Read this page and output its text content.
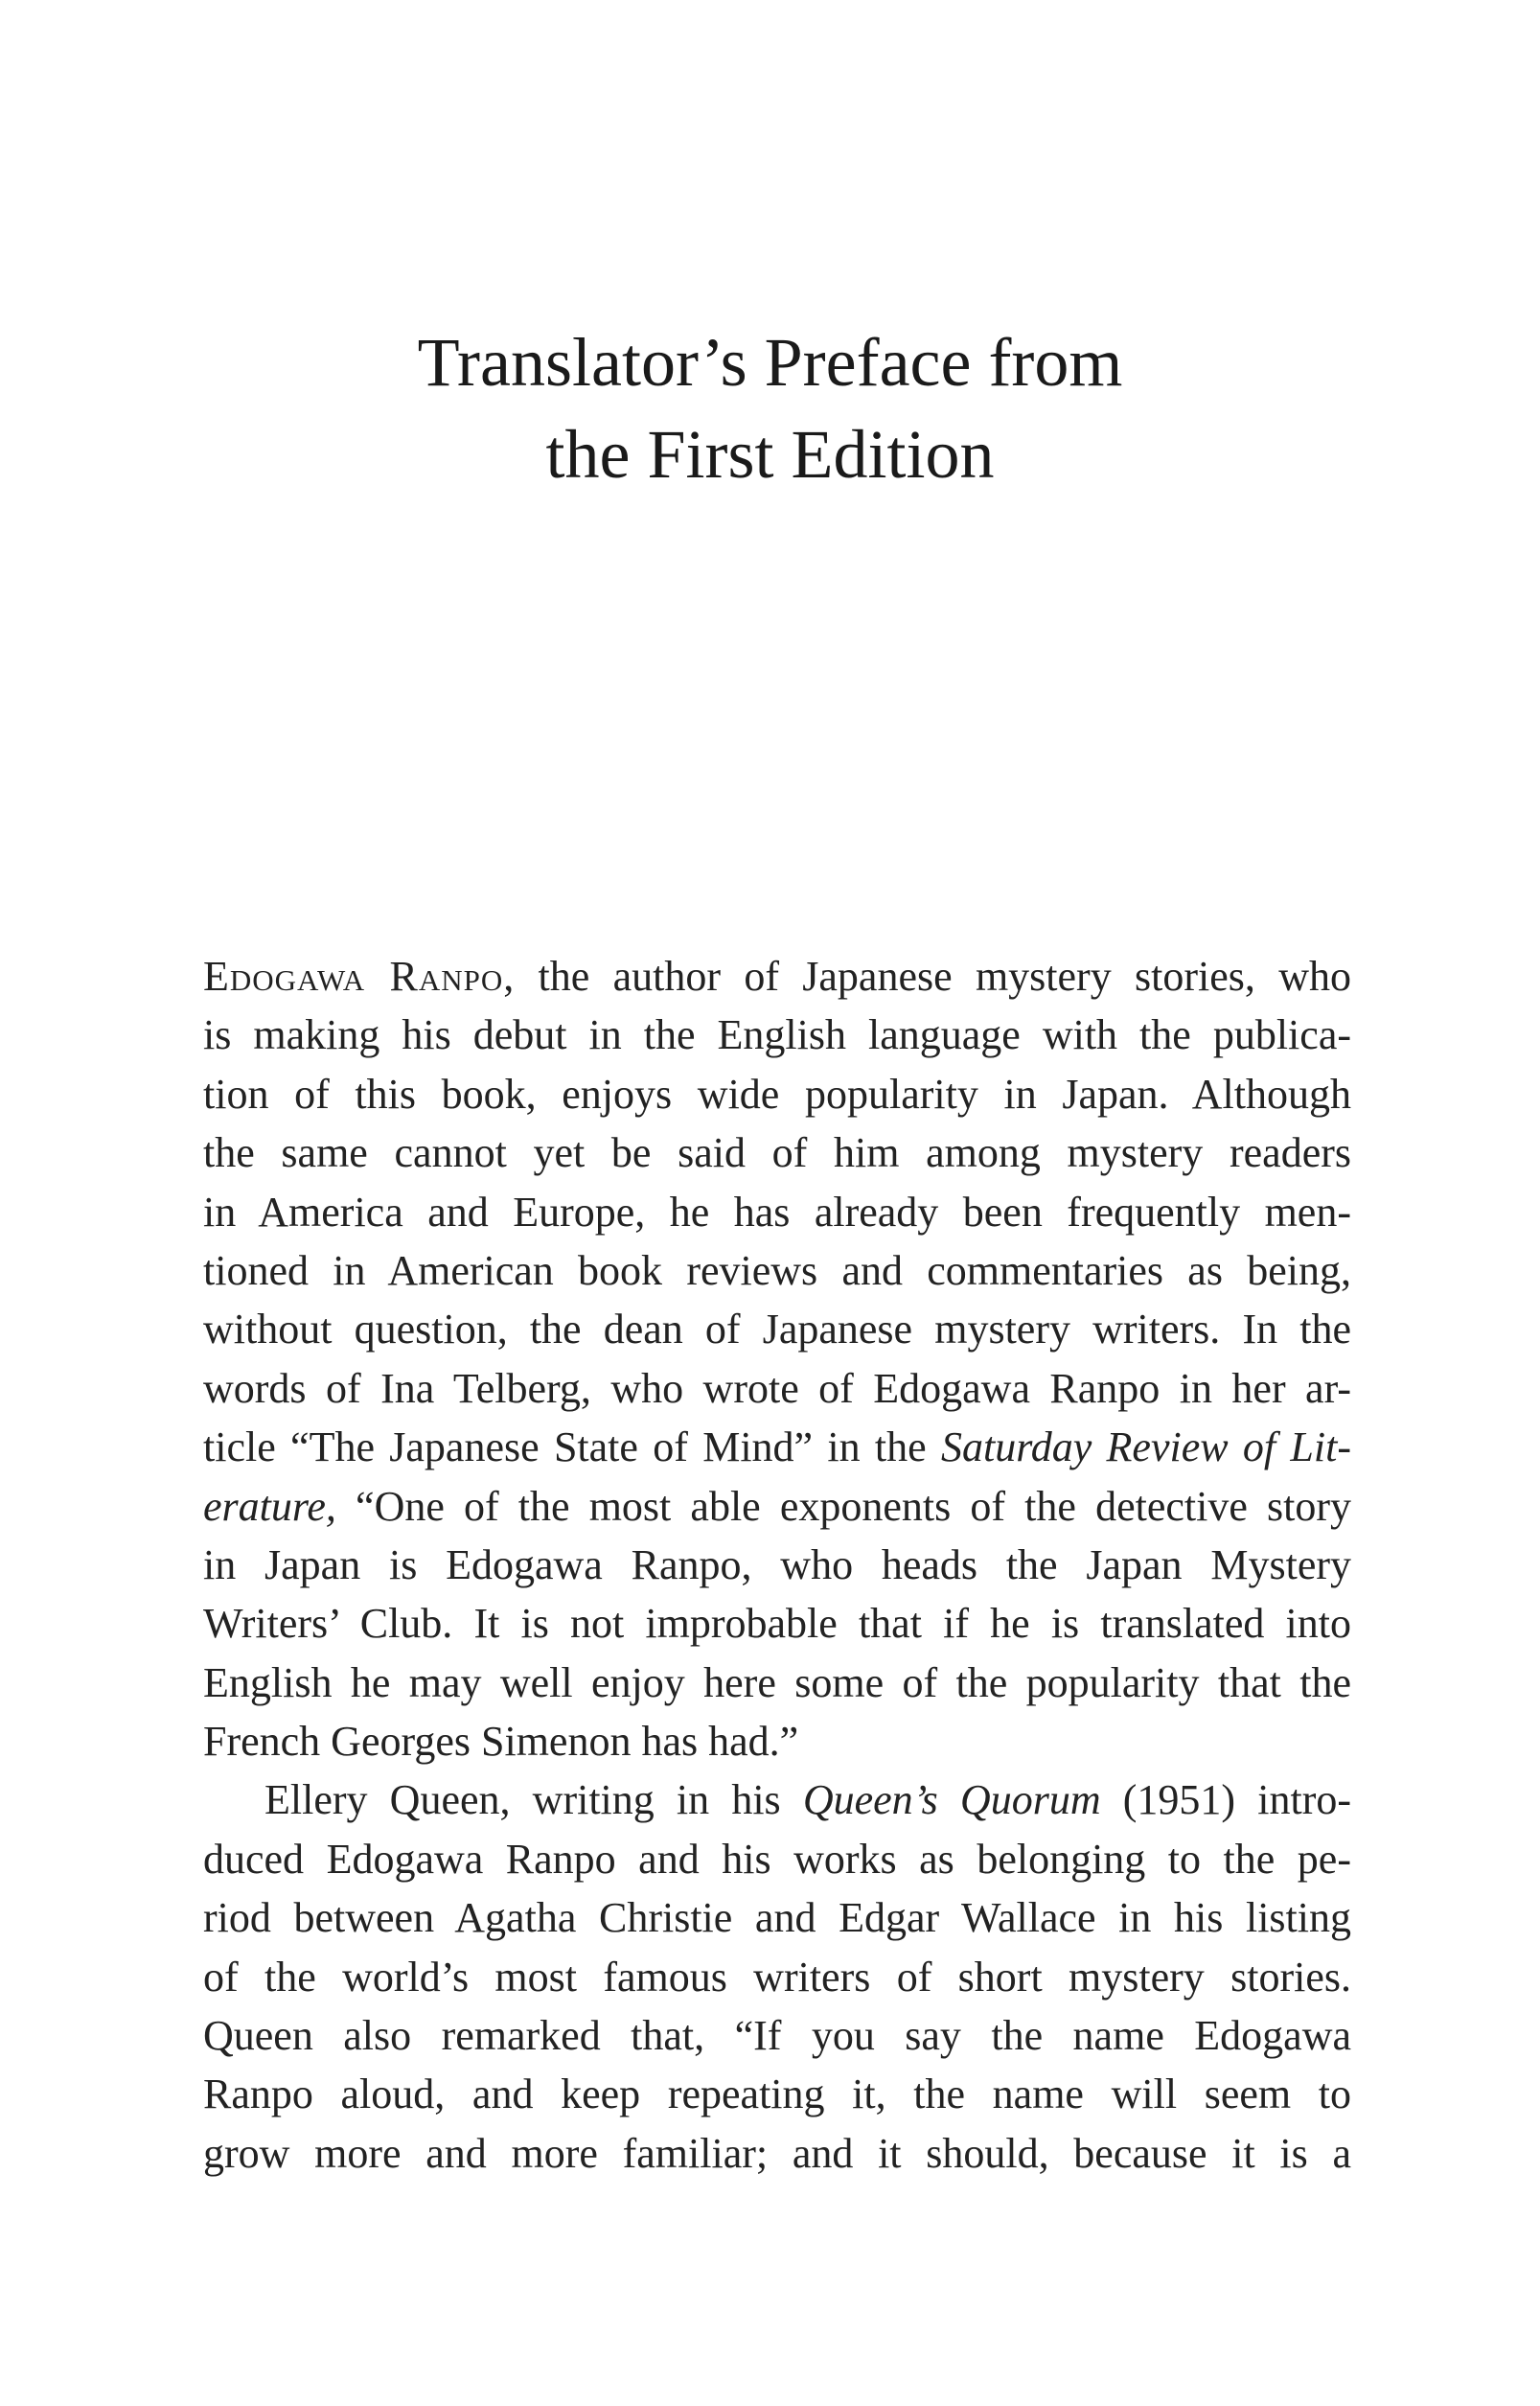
Translator’s Preface from
the First Edition
Edogawa Ranpo, the author of Japanese mystery stories, who
is making his debut in the English language with the publica-
tion of this book, enjoys wide popularity in Japan. Although
the same cannot yet be said of him among mystery readers
in America and Europe, he has already been frequently men-
tioned in American book reviews and commentaries as being,
without question, the dean of Japanese mystery writers. In the
words of Ina Telberg, who wrote of Edogawa Ranpo in her ar-
ticle “The Japanese State of Mind” in the Saturday Review of Lit-
erature, “One of the most able exponents of the detective story
in Japan is Edogawa Ranpo, who heads the Japan Mystery
Writers’ Club. It is not improbable that if he is translated into
English he may well enjoy here some of the popularity that the
French Georges Simenon has had.”
Ellery Queen, writing in his Queen’s Quorum (1951) intro-
duced Edogawa Ranpo and his works as belonging to the pe-
riod between Agatha Christie and Edgar Wallace in his listing
of the world’s most famous writers of short mystery stories.
Queen also remarked that, “If you say the name Edogawa
Ranpo aloud, and keep repeating it, the name will seem to
grow more and more familiar; and it should, because it is a
